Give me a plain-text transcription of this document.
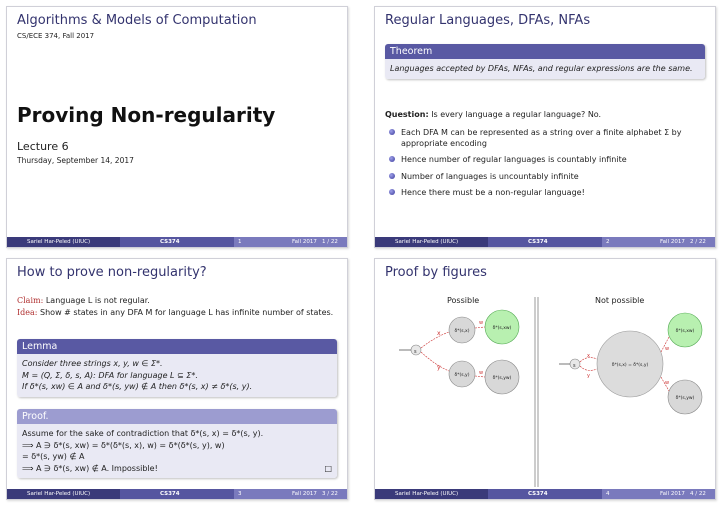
Algorithms & Models of Computation
CS/ECE 374, Fall 2017
Proving Non-regularity
Lecture 6
Thursday, September 14, 2017
Sariel Har-Peled (UIUC)	CS374	1	Fall 2017 1 / 22
Regular Languages, DFAs, NFAs
Theorem
Languages accepted by DFAs, NFAs, and regular expressions are the same.
Question: Is every language a regular language? No.
Each DFA M can be represented as a string over a finite alphabet Σ by appropriate encoding
Hence number of regular languages is countably infinite
Number of languages is uncountably infinite
Hence there must be a non-regular language!
Sariel Har-Peled (UIUC)	CS374	2	Fall 2017 2 / 22
How to prove non-regularity?
Claim: Language L is not regular.
Idea: Show # states in any DFA M for language L has infinite number of states.
Lemma
Consider three strings x, y, w ∈ Σ*.
M = (Q, Σ, δ, s, A): DFA for language L ⊆ Σ*.
If δ*(s, xw) ∈ A and δ*(s, yw) ∉ A then δ*(s, x) ≠ δ*(s, y).
Proof.
Assume for the sake of contradiction that δ*(s, x) = δ*(s, y).
⟹ A ∋ δ*(s, xw) = δ*(δ*(s, x), w) = δ*(δ*(s, y), w)
= δ*(s, yw) ∉ A
⟹ A ∋ δ*(s, xw) ∉ A. Impossible!	□
Sariel Har-Peled (UIUC)	CS374	3	Fall 2017 3 / 22
Proof by figures
Possible	Not possible
s
x
y
w
w
δ*(s,x)
δ*(s,y)
δ*(s,xw)
δ*(s,yw)
s
x
y
w
w
δ*(s,x) = δ*(s,y)
δ*(s,xw)
δ*(s,yw)
Sariel Har-Peled (UIUC)	CS374	4	Fall 2017 4 / 22
